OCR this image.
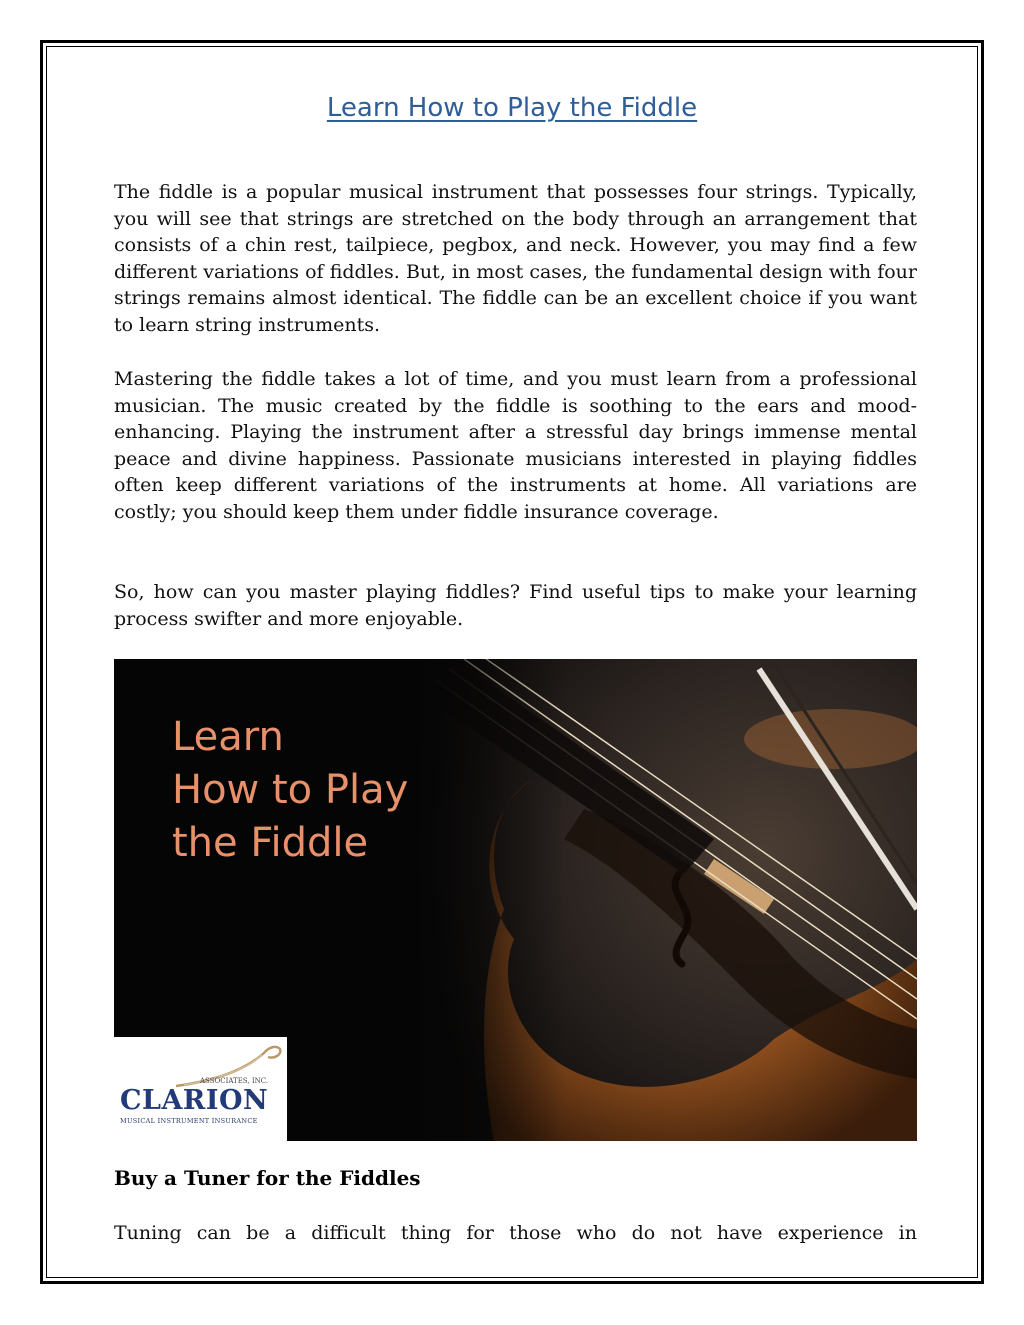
Learn How to Play the Fiddle

The fiddle is a popular musical instrument that possesses four strings. Typically, you will see that strings are stretched on the body through an arrangement that consists of a chin rest, tailpiece, pegbox, and neck. However, you may find a few different variations of fiddles. But, in most cases, the fundamental design with four strings remains almost identical. The fiddle can be an excellent choice if you want to learn string instruments.

Mastering the fiddle takes a lot of time, and you must learn from a professional musician. The music created by the fiddle is soothing to the ears and mood-enhancing. Playing the instrument after a stressful day brings immense mental peace and divine happiness. Passionate musicians interested in playing fiddles often keep different variations of the instruments at home. All variations are costly; you should keep them under fiddle insurance coverage.

So, how can you master playing fiddles? Find useful tips to make your learning process swifter and more enjoyable.

Learn
How to Play
the Fiddle
ASSOCIATES, INC.
CLARION
MUSICAL INSTRUMENT INSURANCE
Buy a Tuner for the Fiddles

Tuning can be a difficult thing for those who do not have experience in
